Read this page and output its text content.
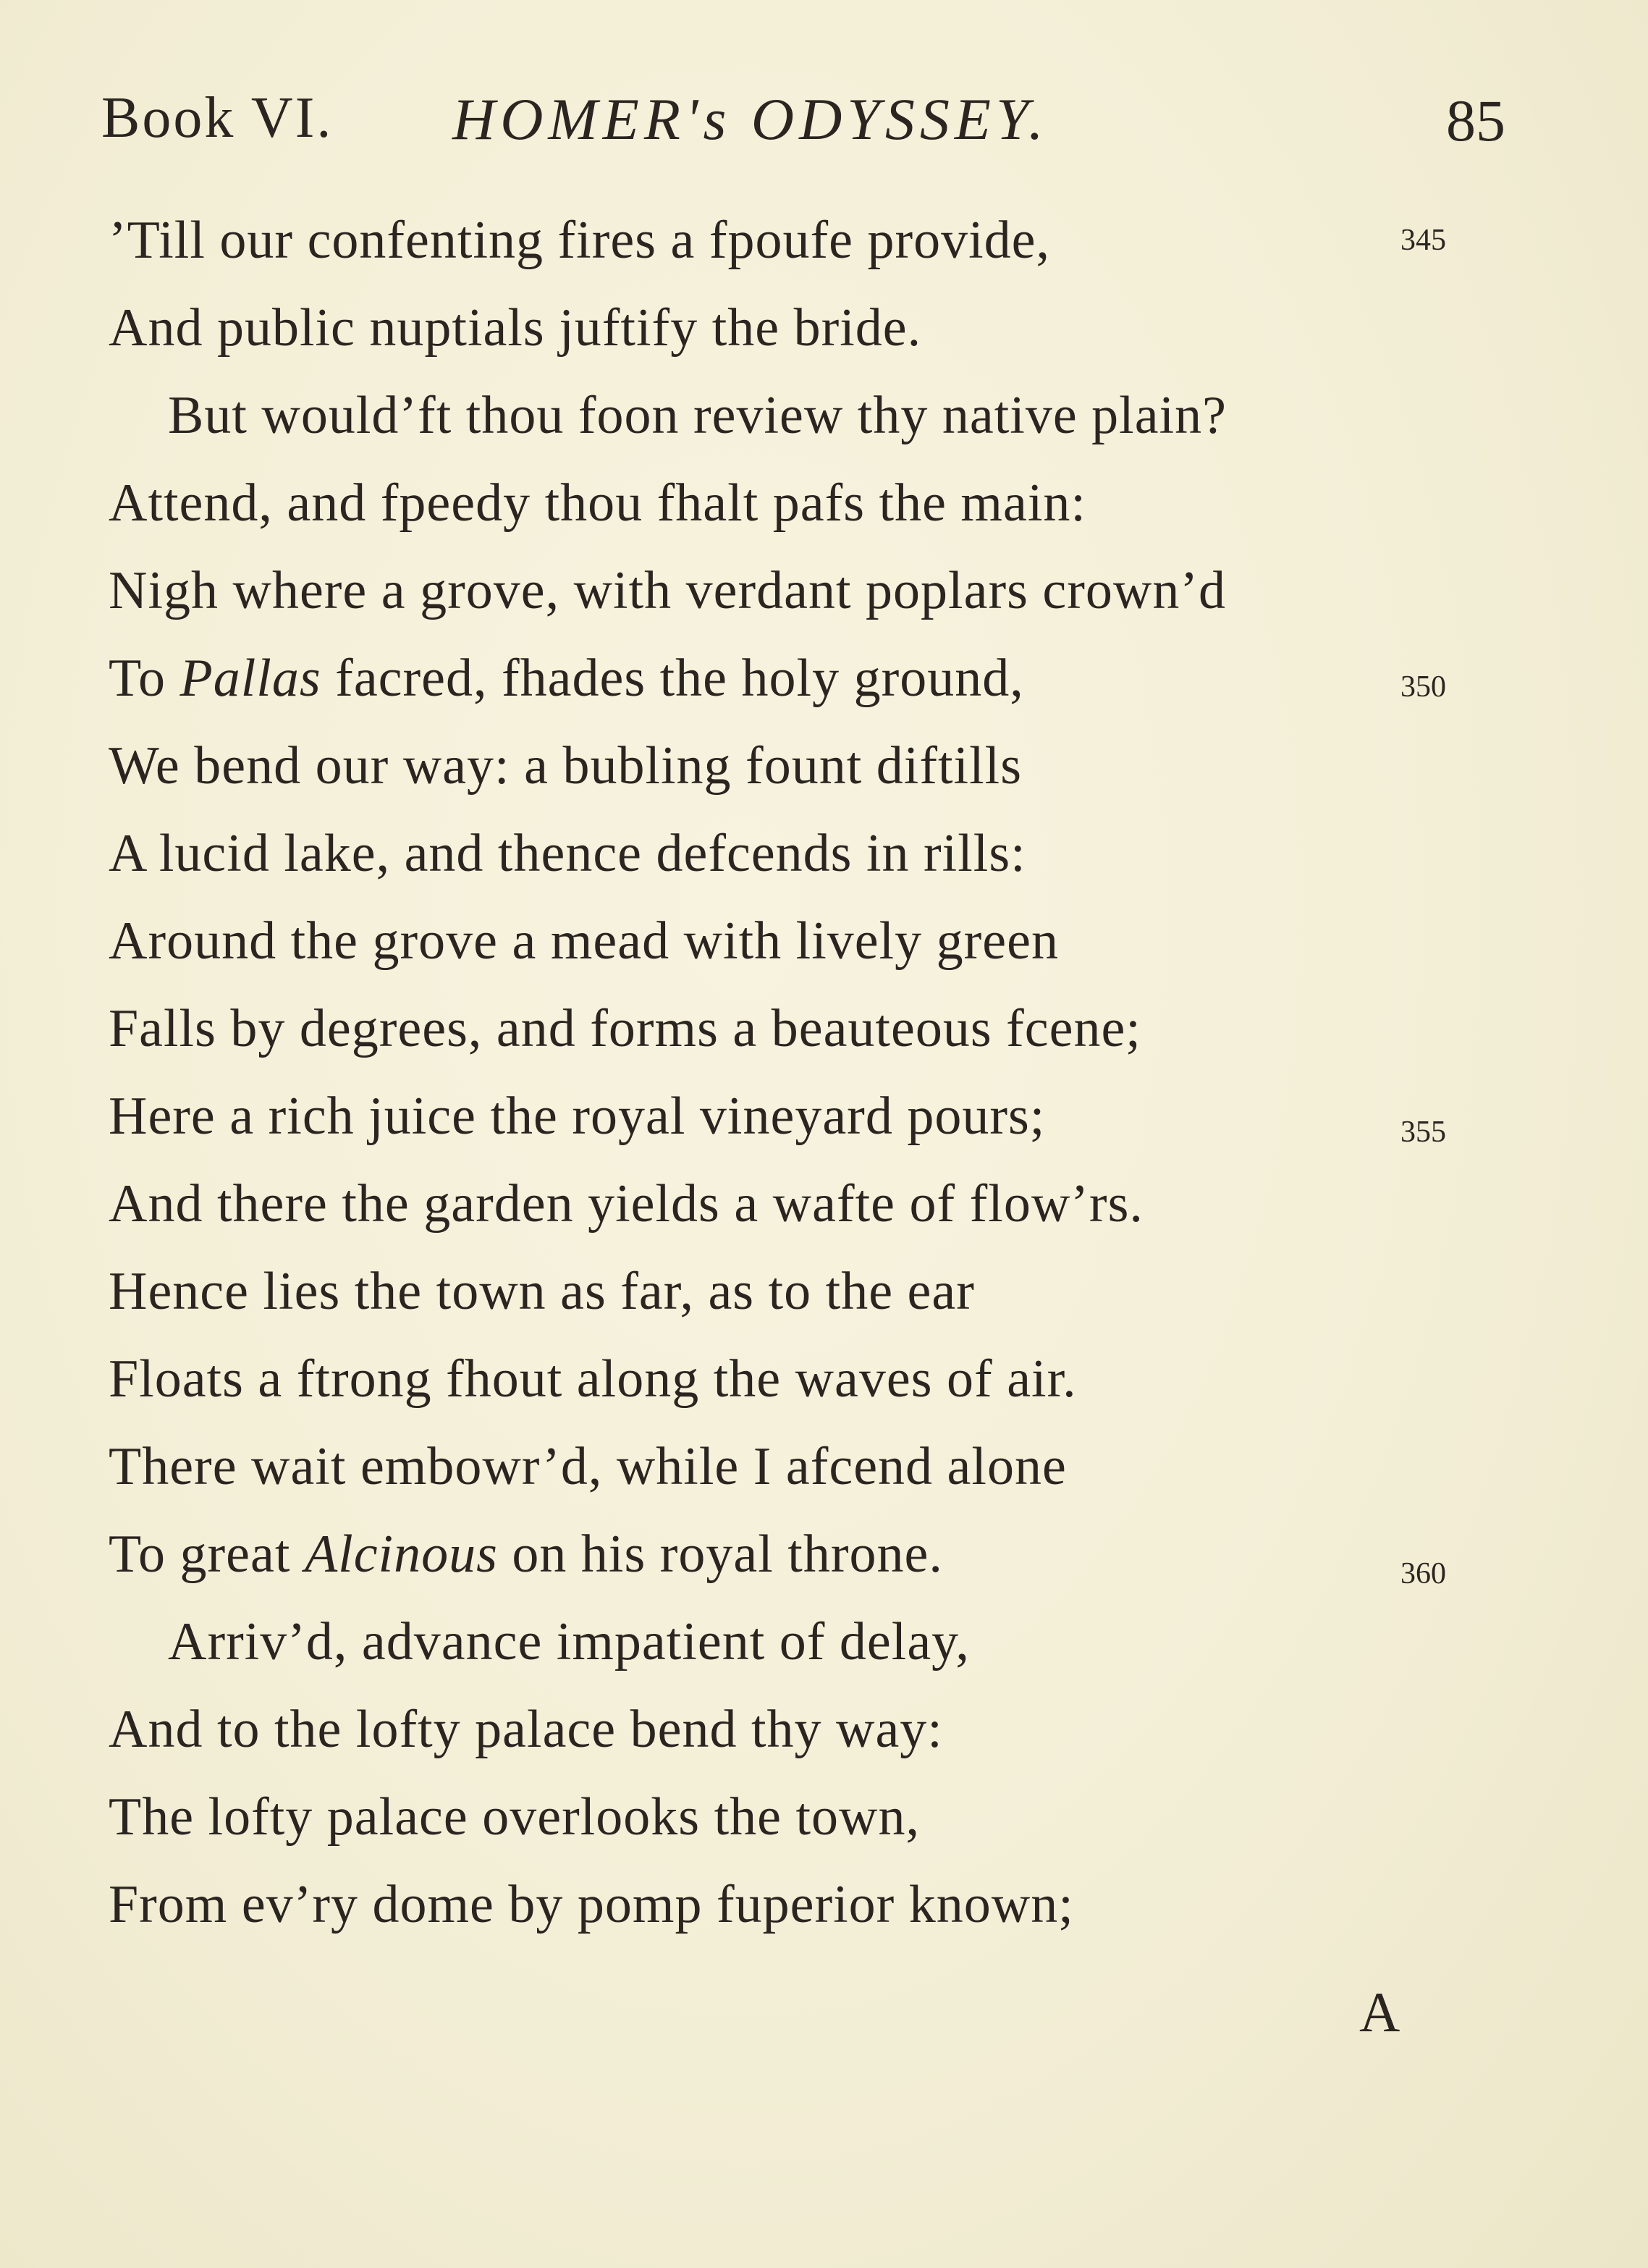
Book VI. HOMER's ODYSSEY.	85
’Till our confenting fires a fpoufe provide,	345
And public nuptials juftify the bride.
But would’ft thou foon review thy native plain?
Attend, and fpeedy thou fhalt pafs the main:
Nigh where a grove, with verdant poplars crown’d
To Pallas facred, fhades the holy ground,	350
We bend our way: a bubling fount diftills
A lucid lake, and thence defcends in rills:
Around the grove a mead with lively green
Falls by degrees, and forms a beauteous fcene;
Here a rich juice the royal vineyard pours;	355
And there the garden yields a wafte of flow’rs.
Hence lies the town as far, as to the ear
Floats a ftrong fhout along the waves of air.
There wait embowr’d, while I afcend alone
To great Alcinous on his royal throne.	360
Arriv’d, advance impatient of delay,
And to the lofty palace bend thy way:
The lofty palace overlooks the town,
From ev’ry dome by pomp fuperior known;
A
